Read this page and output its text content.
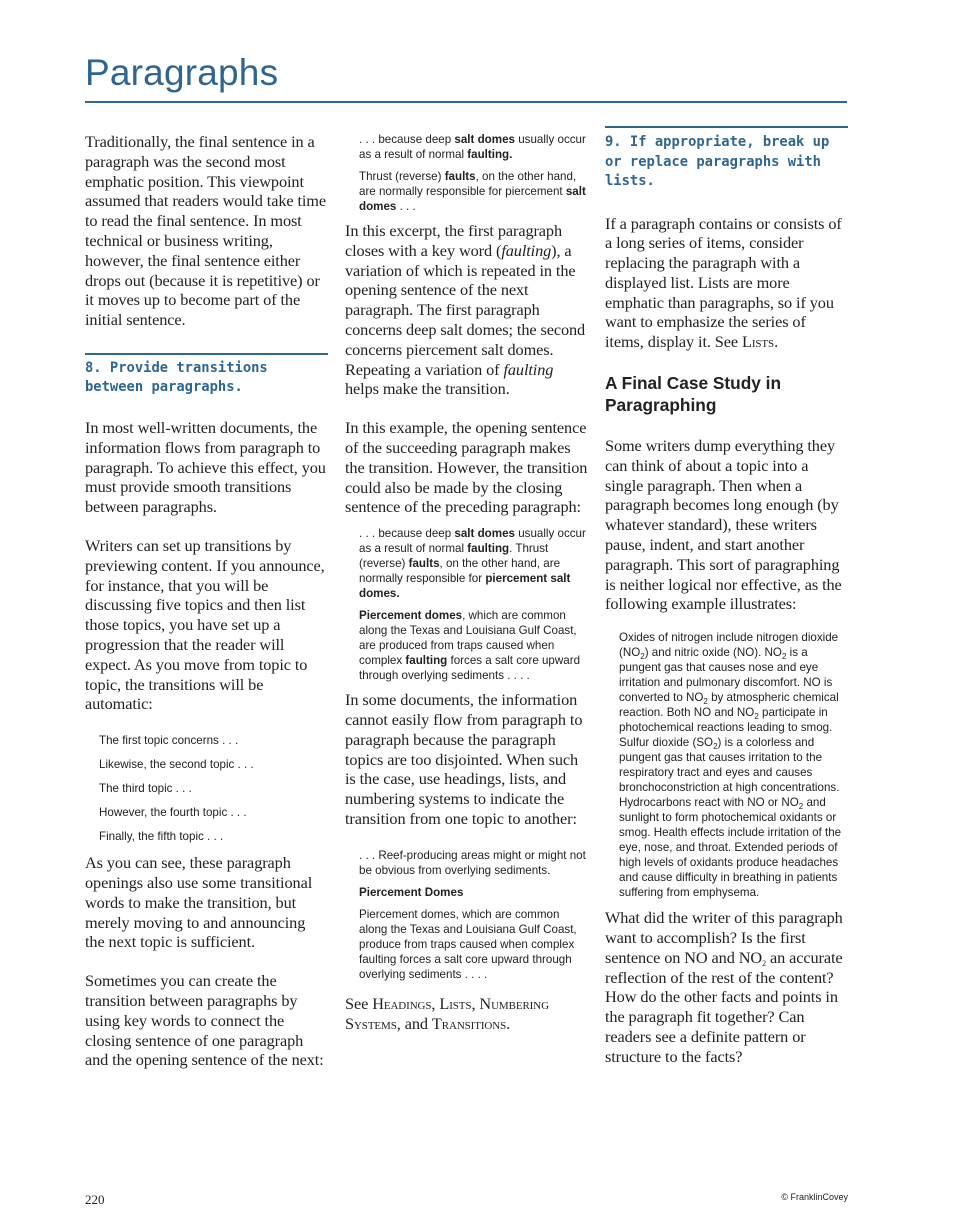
Paragraphs

Traditionally, the final sentence in a paragraph was the second most emphatic position. This viewpoint assumed that readers would take time to read the final sentence. In most technical or business writing, however, the final sentence either drops out (because it is repetitive) or it moves up to become part of the initial sentence.

8. Provide transitions between paragraphs.

In most well-written documents, the information flows from paragraph to paragraph. To achieve this effect, you must provide smooth transitions between paragraphs.

Writers can set up transitions by previewing content. If you announce, for instance, that you will be discussing five topics and then list those topics, you have set up a progression that the reader will expect. As you move from topic to topic, the transitions will be automatic:

The first topic concerns . . .

Likewise, the second topic . . .

The third topic . . .

However, the fourth topic . . .

Finally, the fifth topic . . .

As you can see, these paragraph openings also use some transitional words to make the transition, but merely moving to and announcing the next topic is sufficient.

Sometimes you can create the transition between paragraphs by using key words to connect the closing sentence of one paragraph and the opening sentence of the next:

. . . because deep salt domes usually occur as a result of normal faulting.

Thrust (reverse) faults, on the other hand, are normally responsible for piercement salt domes . . .

In this excerpt, the first paragraph closes with a key word (faulting), a variation of which is repeated in the opening sentence of the next paragraph. The first paragraph concerns deep salt domes; the second concerns piercement salt domes. Repeating a variation of faulting helps make the transition.

In this example, the opening sentence of the succeeding paragraph makes the transition. However, the transition could also be made by the closing sentence of the preceding paragraph:

. . . because deep salt domes usually occur as a result of normal faulting. Thrust (reverse) faults, on the other hand, are normally responsible for piercement salt domes.

Piercement domes, which are common along the Texas and Louisiana Gulf Coast, are produced from traps caused when complex faulting forces a salt core upward through overlying sediments . . . .

In some documents, the information cannot easily flow from paragraph to paragraph because the paragraph topics are too disjointed. When such is the case, use headings, lists, and numbering systems to indicate the transition from one topic to another:

. . . Reef-producing areas might or might not be obvious from overlying sediments.

Piercement Domes

Piercement domes, which are common along the Texas and Louisiana Gulf Coast, produce from traps caused when complex faulting forces a salt core upward through overlying sediments . . . .

See Headings, Lists, Numbering Systems, and Transitions.

9. If appropriate, break up or replace paragraphs with lists.

If a paragraph contains or consists of a long series of items, consider replacing the paragraph with a displayed list. Lists are more emphatic than paragraphs, so if you want to emphasize the series of items, display it. See Lists.

A Final Case Study in Paragraphing

Some writers dump everything they can think of about a topic into a single paragraph. Then when a paragraph becomes long enough (by whatever standard), these writers pause, indent, and start another paragraph. This sort of paragraphing is neither logical nor effective, as the following example illustrates:

Oxides of nitrogen include nitrogen dioxide $(NO_2)$ and nitric oxide (NO). $NO_2$ is a pungent gas that causes nose and eye irritation and pulmonary discomfort. NO is converted to $NO_2$ by atmospheric chemical reaction. Both NO and $NO_2$ participate in photochemical reactions leading to smog. Sulfur dioxide $(SO_2)$ is a colorless and pungent gas that causes irritation to the respiratory tract and eyes and causes bronchoconstriction at high concentrations. Hydrocarbons react with NO or $NO_2$ and sunlight to form photochemical oxidants or smog. Health effects include irritation of the eye, nose, and throat. Extended periods of high levels of oxidants produce headaches and cause difficulty in breathing in patients suffering from emphysema.

What did the writer of this paragraph want to accomplish? Is the first sentence on NO and $NO_2$ an accurate reflection of the rest of the content? How do the other facts and points in the paragraph fit together? Can readers see a definite pattern or structure to the facts?

220	© FranklinCovey
